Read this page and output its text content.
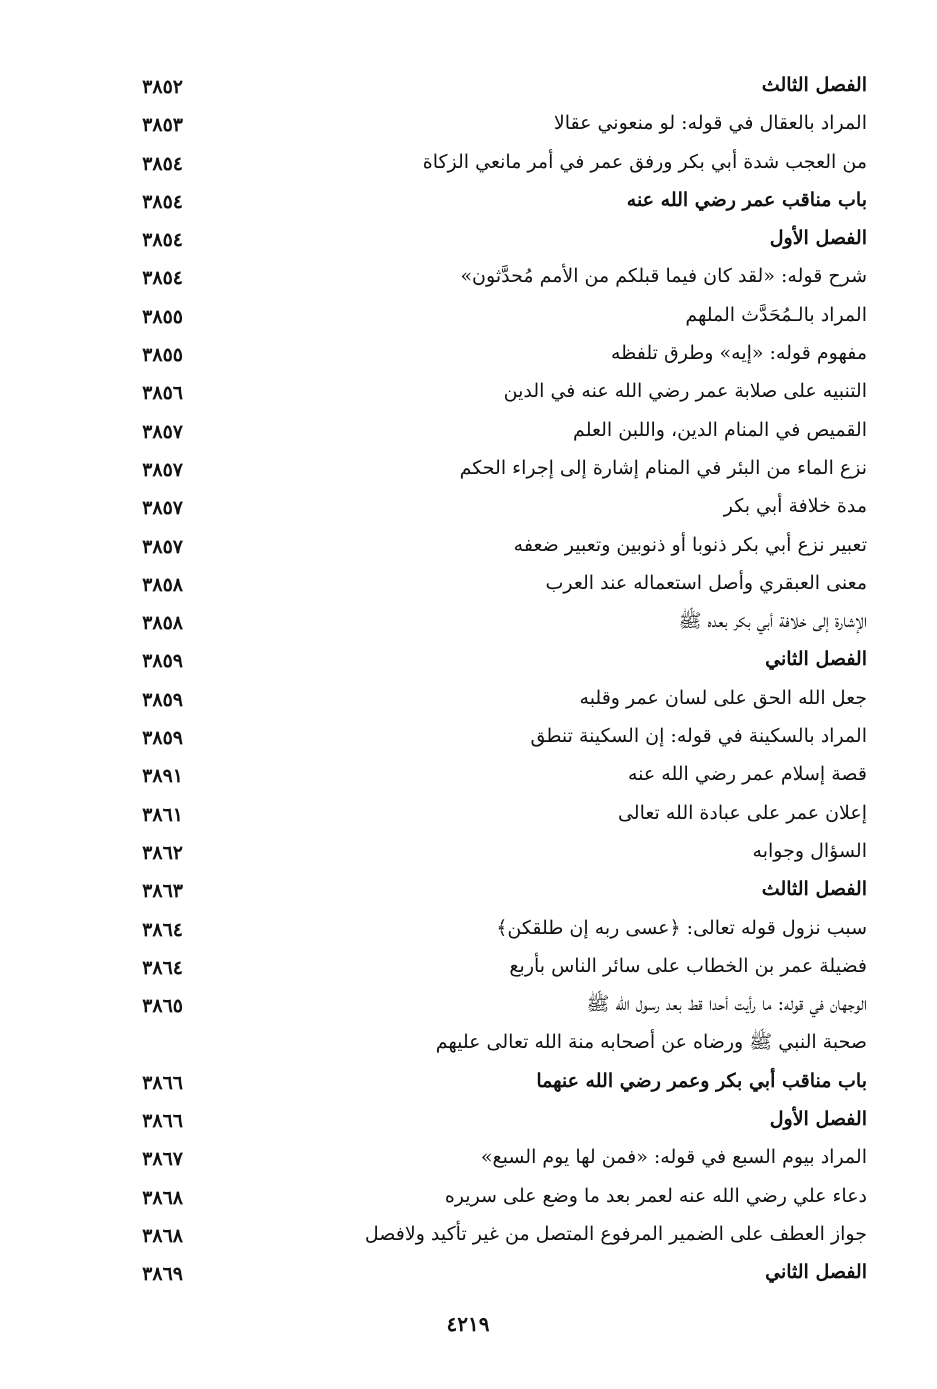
الفصل الثالث
٣٨٥٢
المراد بالعقال في قوله: لو منعوني عقالا
٣٨٥٣
من العجب شدة أبي بكر ورفق عمر في أمر مانعي الزكاة
٣٨٥٤
باب مناقب عمر رضي الله عنه
٣٨٥٤
الفصل الأول
٣٨٥٤
شرح قوله: «لقد كان فيما قبلكم من الأمم مُحدَّثون»
٣٨٥٤
المراد بالـمُحَدَّث الملهم
٣٨٥٥
مفهوم قوله: «إيه» وطرق تلفظه
٣٨٥٥
التنبيه على صلابة عمر رضي الله عنه في الدين
٣٨٥٦
القميص في المنام الدين، واللبن العلم
٣٨٥٧
نزع الماء من البئر في المنام إشارة إلى إجراء الحكم
٣٨٥٧
مدة خلافة أبي بكر
٣٨٥٧
تعبير نزع أبي بكر ذنوبا أو ذنوبين وتعبير ضعفه
٣٨٥٧
معنى العبقري وأصل استعماله عند العرب
٣٨٥٨
الإشارة إلى خلافة أبي بكر بعده ﷺ
٣٨٥٨
الفصل الثاني
٣٨٥٩
جعل الله الحق على لسان عمر وقلبه
٣٨٥٩
المراد بالسكينة في قوله: إن السكينة تنطق
٣٨٥٩
قصة إسلام عمر رضي الله عنه
٣٨٩١
إعلان عمر على عبادة الله تعالى
٣٨٦١
السؤال وجوابه
٣٨٦٢
الفصل الثالث
٣٨٦٣
سبب نزول قوله تعالى: ﴿عسى ربه إن طلقكن﴾
٣٨٦٤
فضيلة عمر بن الخطاب على سائر الناس بأربع
٣٨٦٤
الوجهان في قوله: ما رأيت أحدا قط بعد رسول الله ﷺ
٣٨٦٥
صحبة النبي ﷺ ورضاه عن أصحابه منة الله تعالى عليهم
باب مناقب أبي بكر وعمر رضي الله عنهما
٣٨٦٦
الفصل الأول
٣٨٦٦
المراد بيوم السبع في قوله: «فمن لها يوم السبع»
٣٨٦٧
دعاء علي رضي الله عنه لعمر بعد ما وضع على سريره
٣٨٦٨
جواز العطف على الضمير المرفوع المتصل من غير تأكيد ولافصل
٣٨٦٨
الفصل الثاني
٣٨٦٩
٤٢١٩
